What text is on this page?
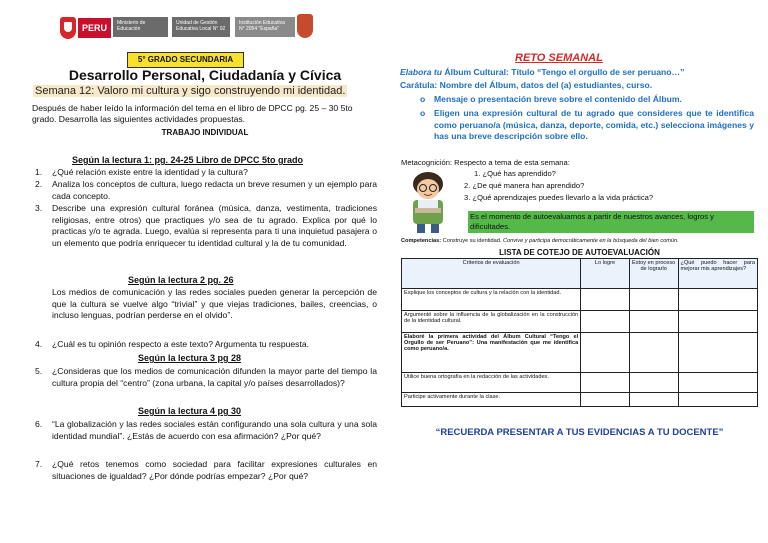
PERU	Ministerio de Educación
Unidad de Gestión Educativa Local N° 02
Institución Educativa N° 2054 "España"
5° GRADO SECUNDARIA
Desarrollo Personal, Ciudadanía y Cívica
Semana 12: Valoro mi cultura y sigo construyendo mi identidad.
Después de haber leído la información del tema en el libro de DPCC pg. 25 – 30 5to grado. Desarrolla las siguientes actividades propuestas.
TRABAJO INDIVIDUAL
Según la lectura 1: pg. 24-25 Libro de DPCC 5to grado
1. ¿Qué relación existe entre la identidad y la cultura?
2. Analiza los conceptos de cultura, luego redacta un breve resumen y un ejemplo para cada concepto.
3. Describe una expresión cultural foránea (música, danza, vestimenta, tradiciones religiosas, entre otros) que practiques y/o sea de tu agrado. Explica por qué lo practicas y/o te agrada. Luego, evalúa si representa para ti una inquietud pasajera o un elemento que podría enriquecer tu identidad cultural y la de tu comunidad.
Según la lectura 2 pg. 26
Los medios de comunicación y las redes sociales pueden generar la percepción de que la cultura se vuelve algo “trivial” y que viejas tradiciones, bailes, creencias, o incluso lenguas, podrían perderse en el olvido”.
4. ¿Cuál es tu opinión respecto a este texto? Argumenta tu respuesta.
Según la lectura 3 pg 28
5. ¿Consideras que los medios de comunicación difunden la mayor parte del tiempo la cultura propia del “centro” (zona urbana, la capital y/o países desarrollados)?
Según la lectura 4 pg 30
6. “La globalización y las redes sociales están configurando una sola cultura y una sola identidad mundial”. ¿Estás de acuerdo con esa afirmación? ¿Por qué?
7. ¿Qué retos tenemos como sociedad para facilitar expresiones culturales en situaciones de igualdad? ¿Por dónde podrías empezar? ¿Por qué?
RETO SEMANAL
Elabora tu Álbum Cultural: Título “Tengo el orgullo de ser peruano…”
Carátula: Nombre del Álbum, datos del (a) estudiantes, curso.
o Mensaje o presentación breve sobre el contenido del Álbum.
o Eligen una expresión cultural de tu agrado que consideres que te identifica como peruano/a (música, danza, deporte, comida, etc.) selecciona imágenes y has una breve descripción sobre ello.
Metacognición: Respecto a tema de esta semana:
1. ¿Qué has aprendido?
2. ¿De qué manera han aprendido?
3. ¿Qué aprendizajes puedes llevarlo a la vida práctica?
Es el momento de autoevaluarnos a partir de nuestros avances, logros y dificultades.
Competencias: Construye su identidad. Convive y participa democráticamente en la búsqueda del bien común.
LISTA DE COTEJO DE AUTOEVALUACIÓN
Criterios de evaluación	Lo logre	Estoy en proceso de lograrlo	¿Qué puedo hacer para mejorar mis aprendizajes?
Explique los conceptos de cultura y la relación con la identidad.			
Argumenté sobre la influencia de la globalización en la construcción de la identidad cultural.			
Elaboré la primera actividad del Álbum Cultural “Tengo el Orgullo de ser Peruano”: Una manifestación que me identifica como peruano/a.			
Utilice buena ortografía en la redacción de las actividades.			
Participe activamente durante la clase.			
“RECUERDA PRESENTAR A TUS EVIDENCIAS A TU DOCENTE”
